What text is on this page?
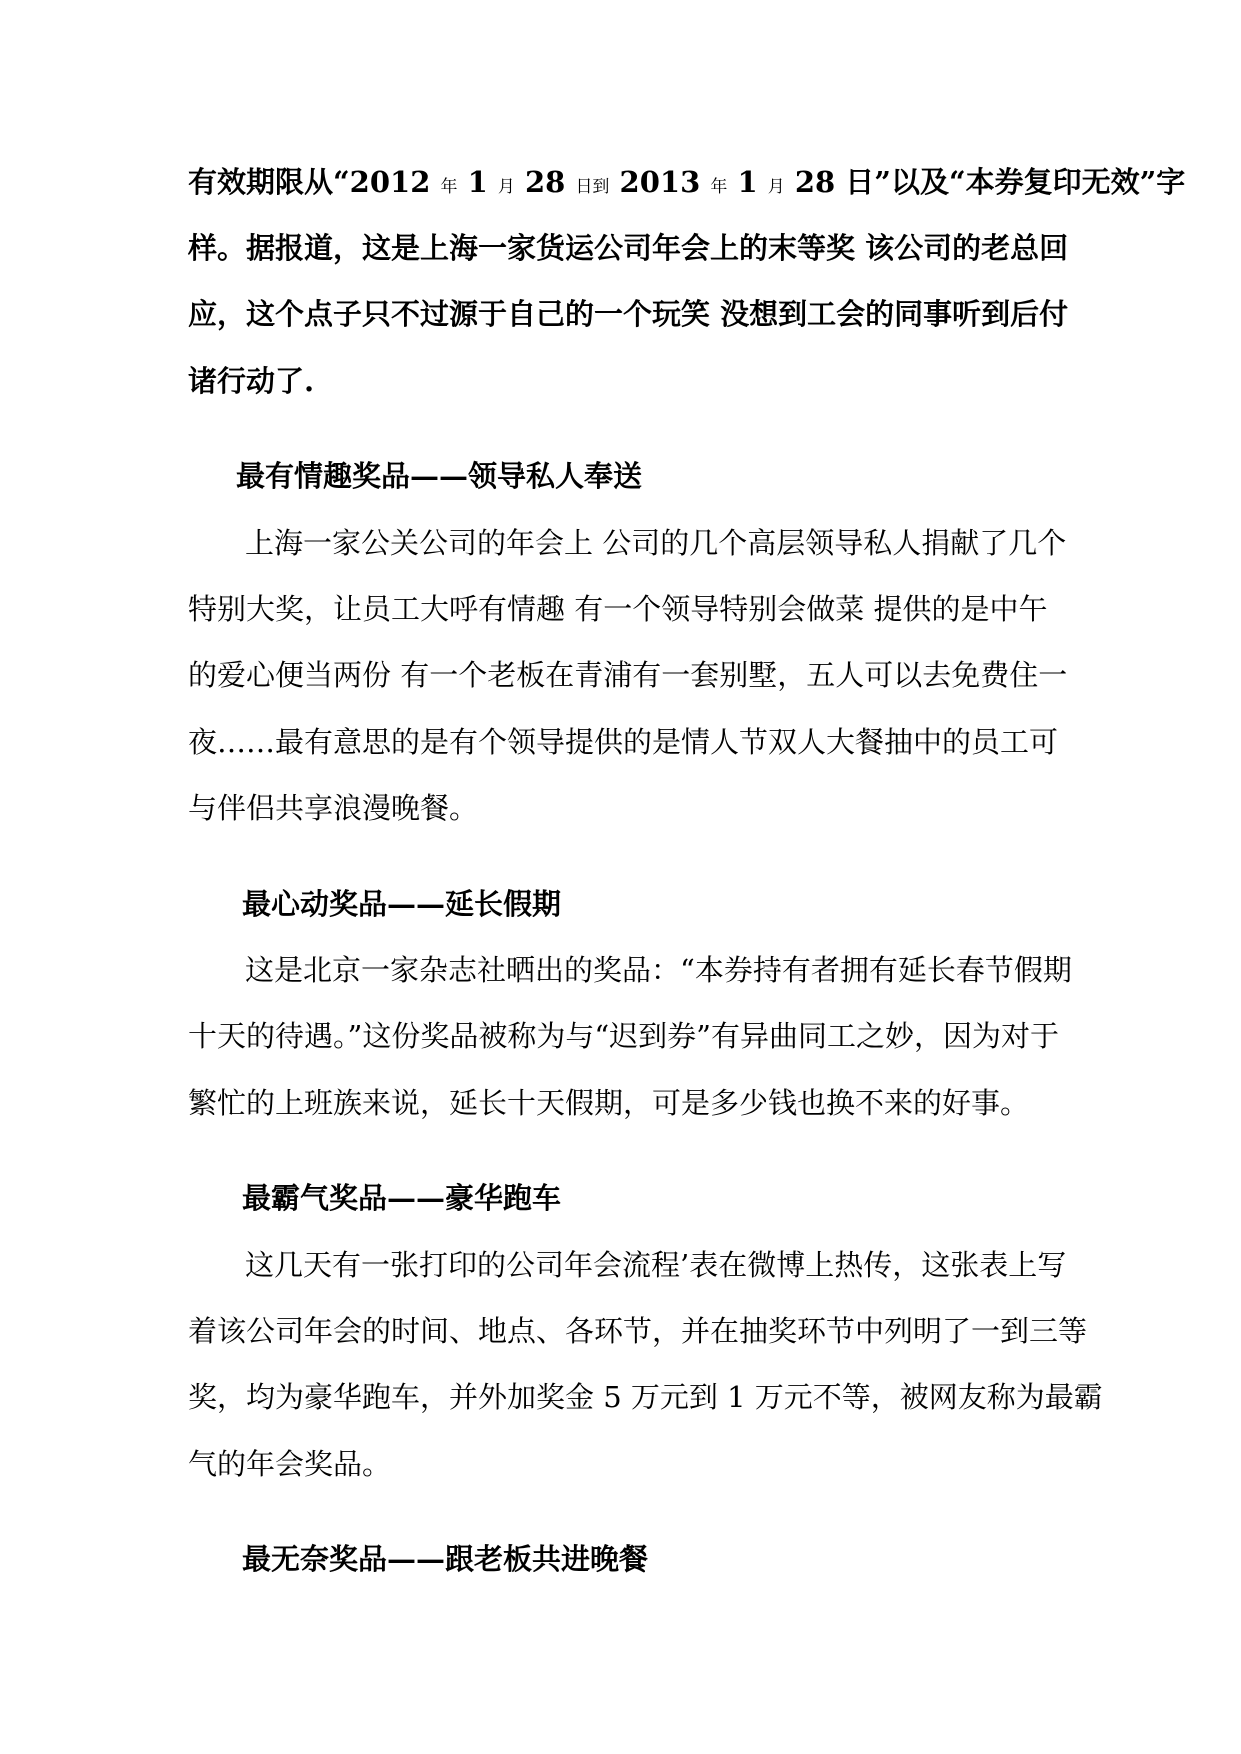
有效期限从“2012 年 1 月 28 日到 2013 年 1 月 28 日”以及“本券复印无效”字
样。据报道，这是上海一家货运公司年会上的末等奖 该公司的老总回
应，这个点子只不过源于自己的一个玩笑 没想到工会的同事听到后付
诸行动了.
最有情趣奖品——领导私人奉送
上海一家公关公司的年会上 公司的几个高层领导私人捐献了几个
特别大奖，让员工大呼有情趣 有一个领导特别会做菜 提供的是中午
的爱心便当两份 有一个老板在青浦有一套别墅，五人可以去免费住一
夜……最有意思的是有个领导提供的是情人节双人大餐抽中的员工可
与伴侣共享浪漫晚餐。
最心动奖品——延长假期
这是北京一家杂志社晒出的奖品：“本券持有者拥有延长春节假期
十天的待遇。”这份奖品被称为与“迟到券”有异曲同工之妙，因为对于
繁忙的上班族来说，延长十天假期，可是多少钱也换不来的好事。
最霸气奖品——豪华跑车
这几天有一张打印的公司年会流程’表在微博上热传，这张表上写
着该公司年会的时间、地点、各环节，并在抽奖环节中列明了一到三等
奖，均为豪华跑车，并外加奖金 5 万元到 1 万元不等，被网友称为最霸
气的年会奖品。
最无奈奖品——跟老板共进晚餐
